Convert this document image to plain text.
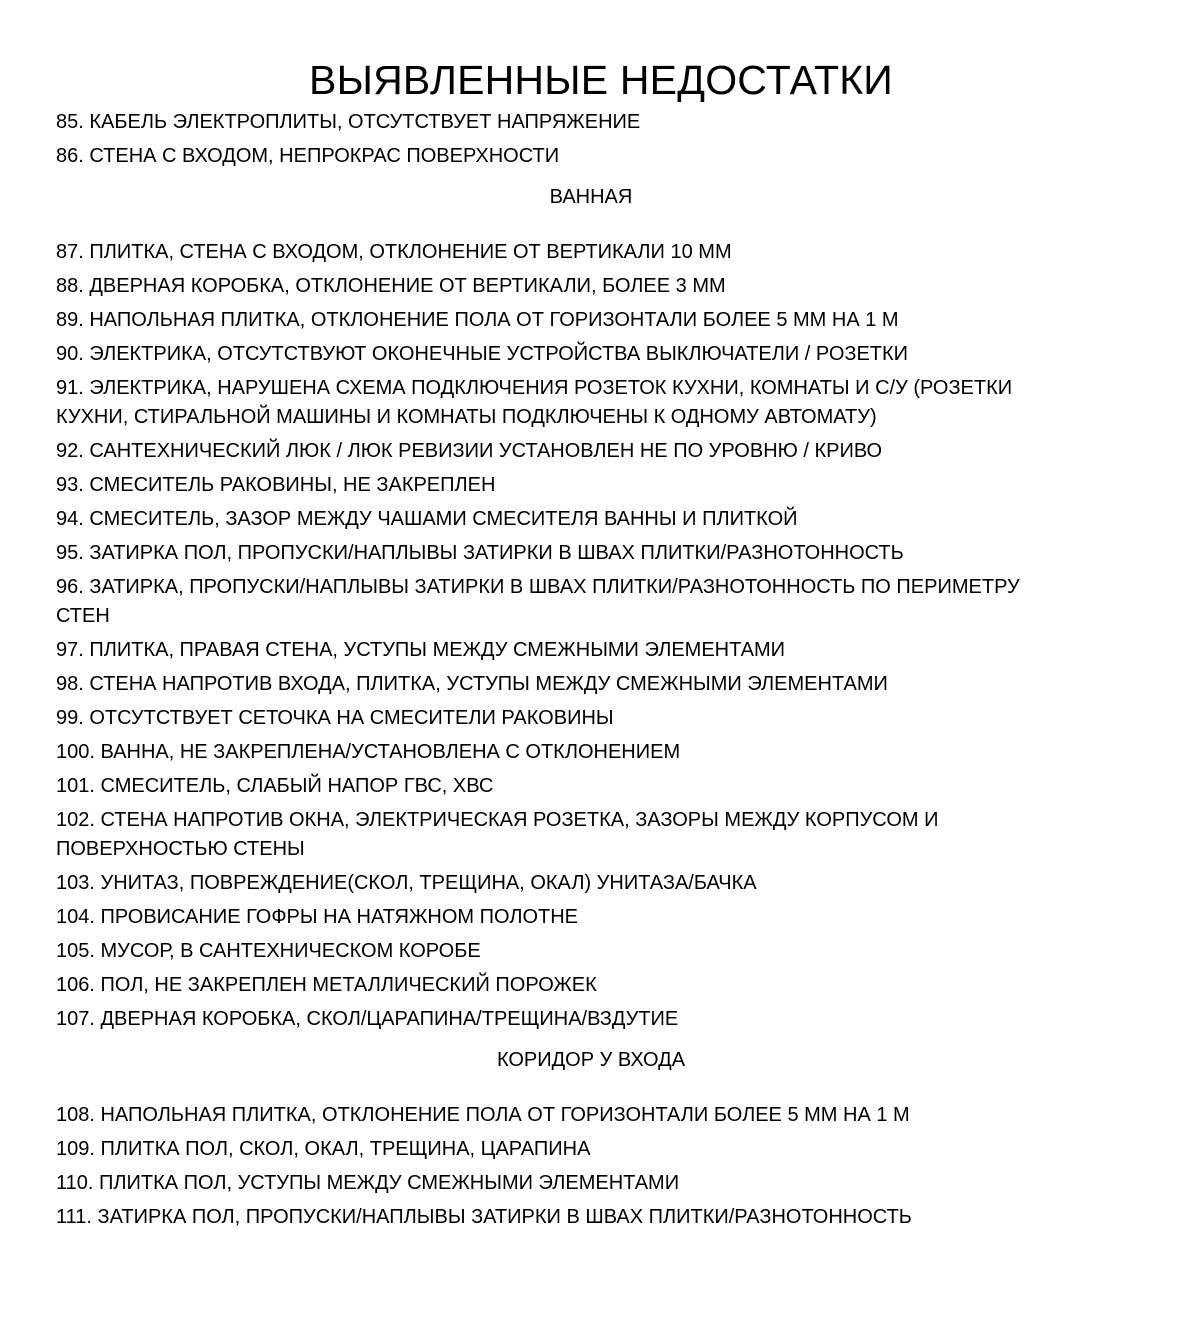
ВЫЯВЛЕННЫЕ НЕДОСТАТКИ
85. КАБЕЛЬ ЭЛЕКТРОПЛИТЫ, ОТСУТСТВУЕТ НАПРЯЖЕНИЕ
86. СТЕНА С ВХОДОМ, НЕПРОКРАС ПОВЕРХНОСТИ
ВАННАЯ
87. ПЛИТКА, СТЕНА С ВХОДОМ, ОТКЛОНЕНИЕ ОТ ВЕРТИКАЛИ 10 ММ
88. ДВЕРНАЯ КОРОБКА, ОТКЛОНЕНИЕ ОТ ВЕРТИКАЛИ, БОЛЕЕ 3 ММ
89. НАПОЛЬНАЯ ПЛИТКА, ОТКЛОНЕНИЕ ПОЛА ОТ ГОРИЗОНТАЛИ БОЛЕЕ 5 ММ НА 1 М
90. ЭЛЕКТРИКА, ОТСУТСТВУЮТ ОКОНЕЧНЫЕ УСТРОЙСТВА ВЫКЛЮЧАТЕЛИ / РОЗЕТКИ
91. ЭЛЕКТРИКА, НАРУШЕНА СХЕМА ПОДКЛЮЧЕНИЯ РОЗЕТОК КУХНИ, КОМНАТЫ И С/У (РОЗЕТКИ КУХНИ, СТИРАЛЬНОЙ МАШИНЫ И КОМНАТЫ ПОДКЛЮЧЕНЫ К ОДНОМУ АВТОМАТУ)
92. САНТЕХНИЧЕСКИЙ ЛЮК / ЛЮК РЕВИЗИИ УСТАНОВЛЕН НЕ ПО УРОВНЮ / КРИВО
93. СМЕСИТЕЛЬ РАКОВИНЫ, НЕ ЗАКРЕПЛЕН
94. СМЕСИТЕЛЬ, ЗАЗОР МЕЖДУ ЧАШАМИ СМЕСИТЕЛЯ ВАННЫ И ПЛИТКОЙ
95. ЗАТИРКА ПОЛ, ПРОПУСКИ/НАПЛЫВЫ ЗАТИРКИ В ШВАХ ПЛИТКИ/РАЗНОТОННОСТЬ
96. ЗАТИРКА, ПРОПУСКИ/НАПЛЫВЫ ЗАТИРКИ В ШВАХ ПЛИТКИ/РАЗНОТОННОСТЬ ПО ПЕРИМЕТРУ СТЕН
97. ПЛИТКА, ПРАВАЯ СТЕНА, УСТУПЫ МЕЖДУ СМЕЖНЫМИ ЭЛЕМЕНТАМИ
98. СТЕНА НАПРОТИВ ВХОДА, ПЛИТКА, УСТУПЫ МЕЖДУ СМЕЖНЫМИ ЭЛЕМЕНТАМИ
99. ОТСУТСТВУЕТ СЕТОЧКА НА СМЕСИТЕЛИ РАКОВИНЫ
100. ВАННА, НЕ ЗАКРЕПЛЕНА/УСТАНОВЛЕНА С ОТКЛОНЕНИЕМ
101. СМЕСИТЕЛЬ, СЛАБЫЙ НАПОР ГВС, ХВС
102. СТЕНА НАПРОТИВ ОКНА, ЭЛЕКТРИЧЕСКАЯ РОЗЕТКА, ЗАЗОРЫ МЕЖДУ КОРПУСОМ И ПОВЕРХНОСТЬЮ СТЕНЫ
103. УНИТАЗ, ПОВРЕЖДЕНИЕ(СКОЛ, ТРЕЩИНА, ОКАЛ) УНИТАЗА/БАЧКА
104. ПРОВИСАНИЕ ГОФРЫ НА НАТЯЖНОМ ПОЛОТНЕ
105. МУСОР, В САНТЕХНИЧЕСКОМ КОРОБЕ
106. ПОЛ, НЕ ЗАКРЕПЛЕН МЕТАЛЛИЧЕСКИЙ ПОРОЖЕК
107. ДВЕРНАЯ КОРОБКА, СКОЛ/ЦАРАПИНА/ТРЕЩИНА/ВЗДУТИЕ
КОРИДОР У ВХОДА
108. НАПОЛЬНАЯ ПЛИТКА, ОТКЛОНЕНИЕ ПОЛА ОТ ГОРИЗОНТАЛИ БОЛЕЕ 5 ММ НА 1 М
109. ПЛИТКА ПОЛ, СКОЛ, ОКАЛ, ТРЕЩИНА, ЦАРАПИНА
110. ПЛИТКА ПОЛ, УСТУПЫ МЕЖДУ СМЕЖНЫМИ ЭЛЕМЕНТАМИ
111. ЗАТИРКА ПОЛ, ПРОПУСКИ/НАПЛЫВЫ ЗАТИРКИ В ШВАХ ПЛИТКИ/РАЗНОТОННОСТЬ
